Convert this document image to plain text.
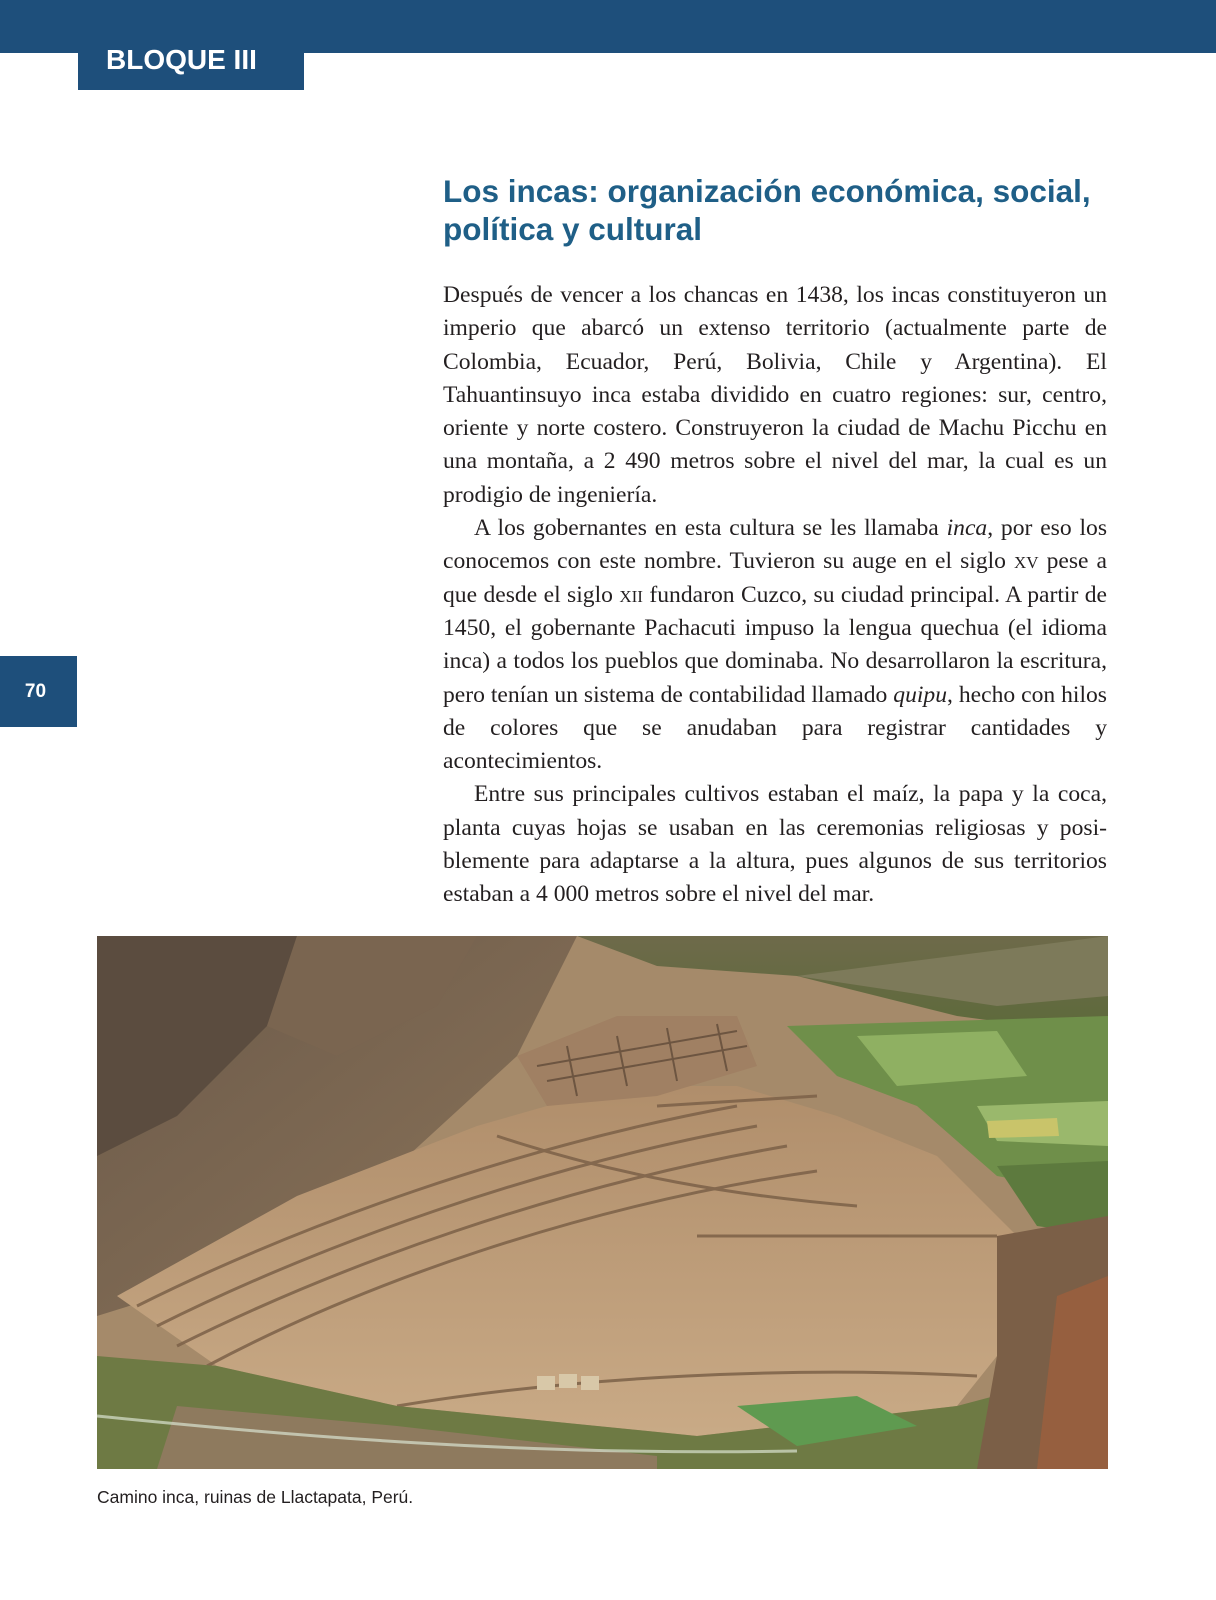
BLOQUE III
70
Los incas: organización económica, social,
política y cultural

Después de vencer a los chancas en 1438, los incas constituyeron un imperio que abarcó un extenso territorio (actualmente parte de Colombia, Ecuador, Perú, Bolivia, Chile y Argentina). El Tahuantinsuyo inca estaba dividido en cuatro regiones: sur, centro, oriente y norte costero. Construyeron la ciudad de Machu Picchu en una montaña, a 2 490 metros sobre el nivel del mar, la cual es un prodigio de ingeniería.

A los gobernantes en esta cultura se les llamaba inca, por eso los conocemos con este nombre. Tuvieron su auge en el siglo xv pese a que desde el siglo xii fundaron Cuzco, su ciudad principal. A partir de 1450, el gobernante Pachacuti impuso la lengua quechua (el idioma inca) a todos los pueblos que dominaba. No desarrollaron la escritura, pero tenían un sistema de contabilidad llamado quipu, hecho con hilos de colores que se anudaban para registrar cantidades y acontecimientos.

Entre sus principales cultivos estaban el maíz, la papa y la coca, planta cuyas hojas se usaban en las ceremonias religiosas y posiblemente para adaptarse a la altura, pues algunos de sus territorios estaban a 4 000 metros sobre el nivel del mar.

Camino inca, ruinas de Llactapata, Perú.
